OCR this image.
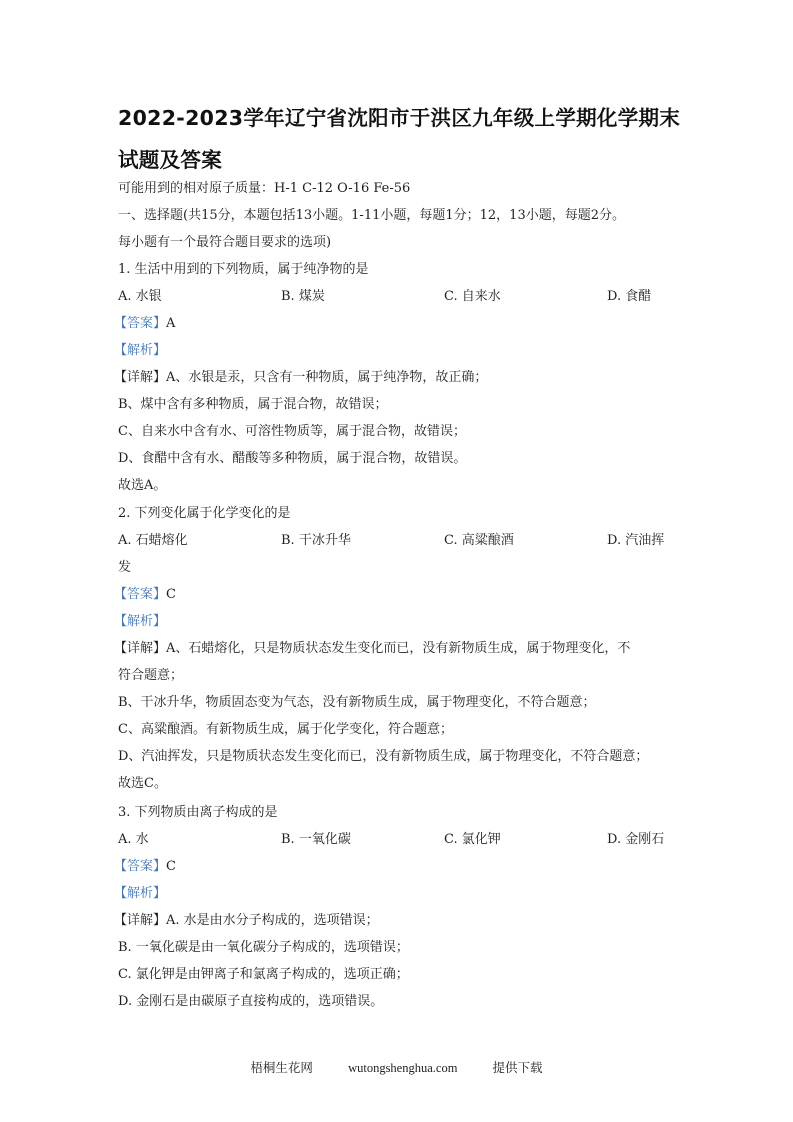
2022-2023学年辽宁省沈阳市于洪区九年级上学期化学期末
试题及答案
可能用到的相对原子质量：H-1 C-12 O-16 Fe-56
一、选择题(共15分，本题包括13小题。1-11小题，每题1分；12，13小题，每题2分。
每小题有一个最符合题目要求的选项)
1. 生活中用到的下列物质，属于纯净物的是
A. 水银	B. 煤炭	C. 自来水	D. 食醋
【答案】A
【解析】
【详解】A、水银是汞，只含有一种物质，属于纯净物，故正确；
B、煤中含有多种物质，属于混合物，故错误；
C、自来水中含有水、可溶性物质等，属于混合物，故错误；
D、食醋中含有水、醋酸等多种物质，属于混合物，故错误。
故选A。
2. 下列变化属于化学变化的是
A. 石蜡熔化	B. 干冰升华	C. 高粱酿酒	D. 汽油挥
发
【答案】C
【解析】
【详解】A、石蜡熔化，只是物质状态发生变化而已，没有新物质生成，属于物理变化，不
符合题意；
B、干冰升华，物质固态变为气态，没有新物质生成，属于物理变化，不符合题意；
C、高粱酿酒。有新物质生成，属于化学变化，符合题意；
D、汽油挥发，只是物质状态发生变化而已，没有新物质生成，属于物理变化，不符合题意；
故选C。
3. 下列物质由离子构成的是
A. 水	B. 一氧化碳	C. 氯化钾	D. 金刚石
【答案】C
【解析】
【详解】A. 水是由水分子构成的，选项错误；
B. 一氧化碳是由一氧化碳分子构成的，选项错误；
C. 氯化钾是由钾离子和氯离子构成的，选项正确；
D. 金刚石是由碳原子直接构成的，选项错误。
梧桐生花网	wutongshenghua.com	提供下载
